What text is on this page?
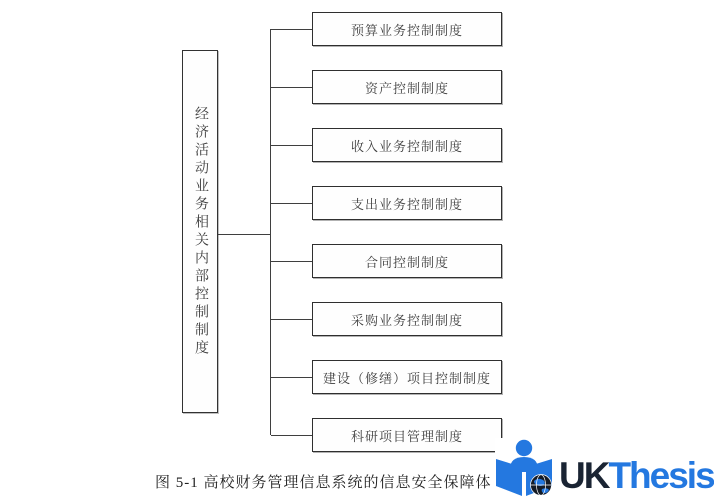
经济活动业务相关内部控制制度
预算业务控制制度
资产控制制度
收入业务控制制度
支出业务控制制度
合同控制制度
采购业务控制制度
建设（修缮）项目控制制度
科研项目管理制度
图 5-1 高校财务管理信息系统的信息安全保障体 UKThesis
